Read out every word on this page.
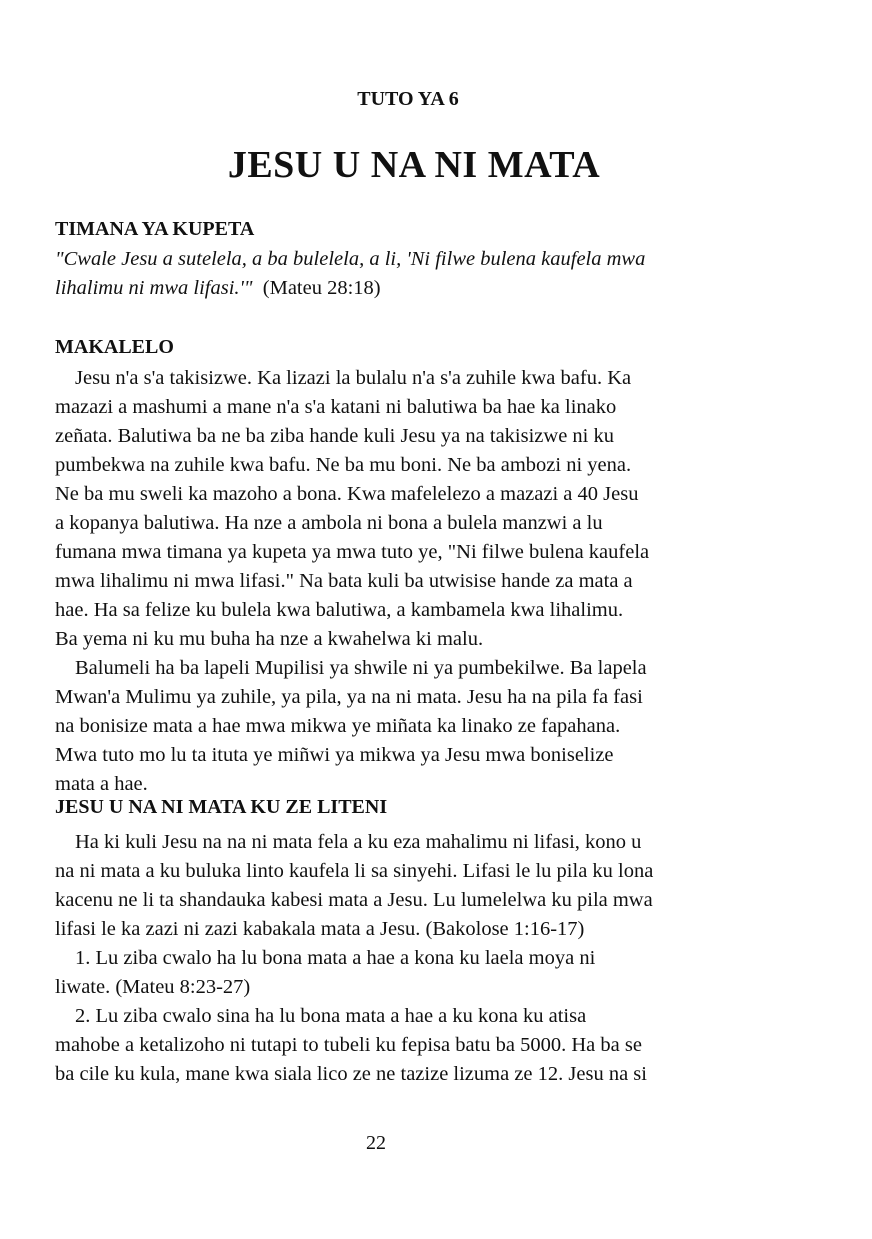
TUTO YA 6
JESU U NA NI MATA
TIMANA YA KUPETA
"Cwale Jesu a sutelela, a ba bulelela, a li, 'Ni filwe bulena kaufela mwa
lihalimu ni mwa lifasi.'" (Mateu 28:18)
MAKALELO
Jesu n'a s'a takisizwe. Ka lizazi la bulalu n'a s'a zuhile kwa bafu. Ka
mazazi a mashumi a mane n'a s'a katani ni balutiwa ba hae ka linako
zeñata. Balutiwa ba ne ba ziba hande kuli Jesu ya na takisizwe ni ku
pumbekwa na zuhile kwa bafu. Ne ba mu boni. Ne ba ambozi ni yena.
Ne ba mu sweli ka mazoho a bona. Kwa mafelelezo a mazazi a 40 Jesu
a kopanya balutiwa. Ha nze a ambola ni bona a bulela manzwi a lu
fumana mwa timana ya kupeta ya mwa tuto ye, "Ni filwe bulena kaufela
mwa lihalimu ni mwa lifasi." Na bata kuli ba utwisise hande za mata a
hae. Ha sa felize ku bulela kwa balutiwa, a kambamela kwa lihalimu.
Ba yema ni ku mu buha ha nze a kwahelwa ki malu.
Balumeli ha ba lapeli Mupilisi ya shwile ni ya pumbekilwe. Ba lapela
Mwan'a Mulimu ya zuhile, ya pila, ya na ni mata. Jesu ha na pila fa fasi
na bonisize mata a hae mwa mikwa ye miñata ka linako ze fapahana.
Mwa tuto mo lu ta ituta ye miñwi ya mikwa ya Jesu mwa boniselize
mata a hae.
JESU U NA NI MATA KU ZE LITENI
Ha ki kuli Jesu na na ni mata fela a ku eza mahalimu ni lifasi, kono u
na ni mata a ku buluka linto kaufela li sa sinyehi. Lifasi le lu pila ku lona
kacenu ne li ta shandauka kabesi mata a Jesu. Lu lumelelwa ku pila mwa
lifasi le ka zazi ni zazi kabakala mata a Jesu. (Bakolose 1:16-17)
1. Lu ziba cwalo ha lu bona mata a hae a kona ku laela moya ni
liwate. (Mateu 8:23-27)
2. Lu ziba cwalo sina ha lu bona mata a hae a ku kona ku atisa
mahobe a ketalizoho ni tutapi to tubeli ku fepisa batu ba 5000. Ha ba se
ba cile ku kula, mane kwa siala lico ze ne tazize lizuma ze 12. Jesu na si
22
